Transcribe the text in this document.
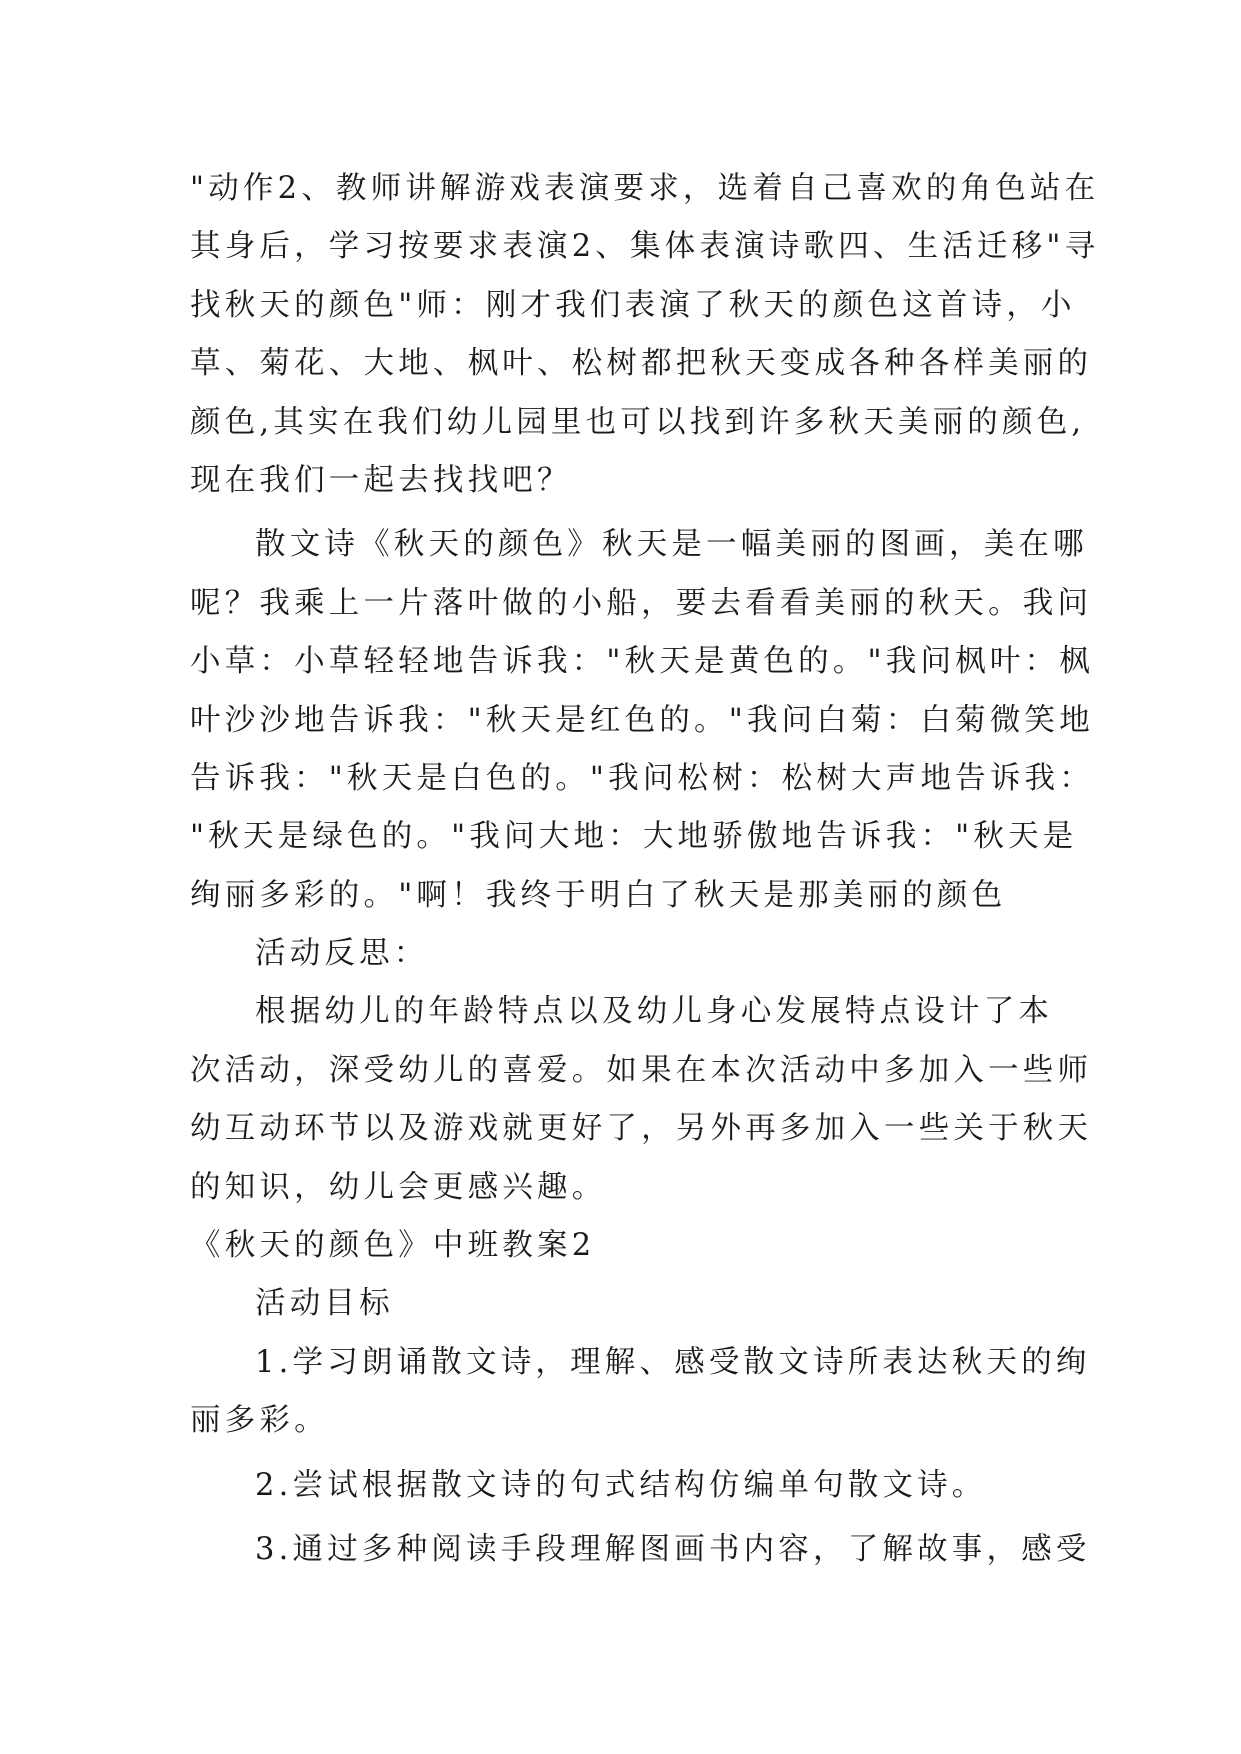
"动作2、教师讲解游戏表演要求，选着自己喜欢的角色站在
其身后，学习按要求表演2、集体表演诗歌四、生活迁移"寻
找秋天的颜色"师：刚才我们表演了秋天的颜色这首诗，小
草、菊花、大地、枫叶、松树都把秋天变成各种各样美丽的
颜色,其实在我们幼儿园里也可以找到许多秋天美丽的颜色,
现在我们一起去找找吧？
散文诗《秋天的颜色》秋天是一幅美丽的图画，美在哪
呢？我乘上一片落叶做的小船，要去看看美丽的秋天。我问
小草：小草轻轻地告诉我："秋天是黄色的。"我问枫叶：枫
叶沙沙地告诉我："秋天是红色的。"我问白菊：白菊微笑地
告诉我："秋天是白色的。"我问松树：松树大声地告诉我：
"秋天是绿色的。"我问大地：大地骄傲地告诉我："秋天是
绚丽多彩的。"啊！我终于明白了秋天是那美丽的颜色
活动反思：
根据幼儿的年龄特点以及幼儿身心发展特点设计了本
次活动，深受幼儿的喜爱。如果在本次活动中多加入一些师
幼互动环节以及游戏就更好了，另外再多加入一些关于秋天
的知识，幼儿会更感兴趣。
《秋天的颜色》中班教案2
活动目标
1.学习朗诵散文诗，理解、感受散文诗所表达秋天的绚
丽多彩。
2.尝试根据散文诗的句式结构仿编单句散文诗。
3.通过多种阅读手段理解图画书内容，了解故事，感受
